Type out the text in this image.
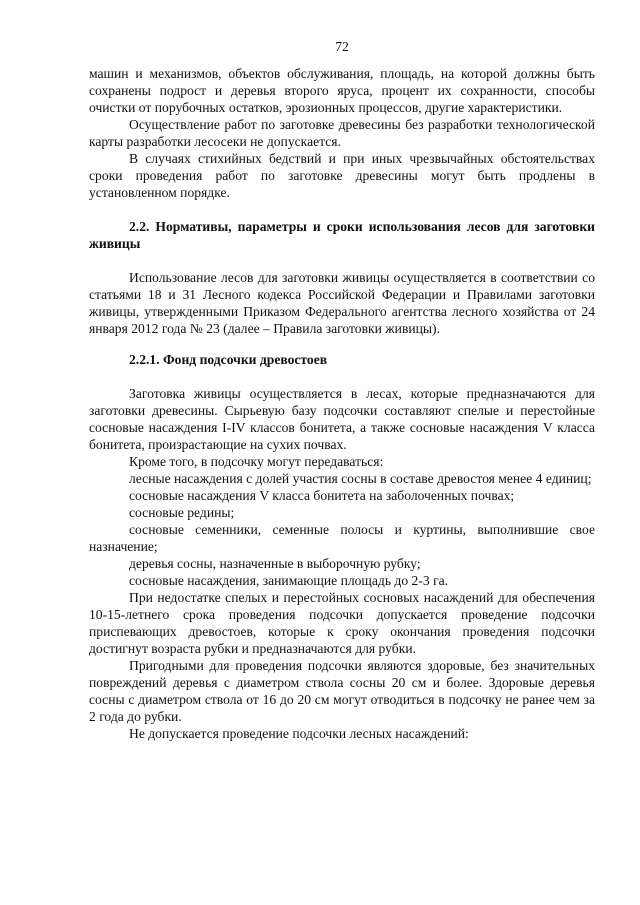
72

машин и механизмов, объектов обслуживания, площадь, на которой должны быть сохранены подрост и деревья второго яруса, процент их сохранности, способы очистки от порубочных остатков, эрозионных процессов, другие характеристики.

Осуществление работ по заготовке древесины без разработки технологической карты разработки лесосеки не допускается.

В случаях стихийных бедствий и при иных чрезвычайных обстоятельствах сроки проведения работ по заготовке древесины могут быть продлены в установленном порядке.

2.2. Нормативы, параметры и сроки использования лесов для заготовки живицы

Использование лесов для заготовки живицы осуществляется в соответствии со статьями 18 и 31 Лесного кодекса Российской Федерации и Правилами заготовки живицы, утвержденными Приказом Федерального агентства лесного хозяйства от 24 января 2012 года № 23 (далее – Правила заготовки живицы).

2.2.1. Фонд подсочки древостоев

Заготовка живицы осуществляется в лесах, которые предназначаются для заготовки древесины. Сырьевую базу подсочки составляют спелые и перестойные сосновые насаждения I-IV классов бонитета, а также сосновые насаждения V класса бонитета, произрастающие на сухих почвах.

Кроме того, в подсочку могут передаваться:

лесные насаждения с долей участия сосны в составе древостоя менее 4 единиц;

сосновые насаждения V класса бонитета на заболоченных почвах;

сосновые редины;

сосновые семенники, семенные полосы и куртины, выполнившие свое назначение;

деревья сосны, назначенные в выборочную рубку;

сосновые насаждения, занимающие площадь до 2-3 га.

При недостатке спелых и перестойных сосновых насаждений для обеспечения 10-15-летнего срока проведения подсочки допускается проведение подсочки приспевающих древостоев, которые к сроку окончания проведения подсочки достигнут возраста рубки и предназначаются для рубки.

Пригодными для проведения подсочки являются здоровые, без значительных повреждений деревья с диаметром ствола сосны 20 см и более. Здоровые деревья сосны с диаметром ствола от 16 до 20 см могут отводиться в подсочку не ранее чем за 2 года до рубки.

Не допускается проведение подсочки лесных насаждений:
